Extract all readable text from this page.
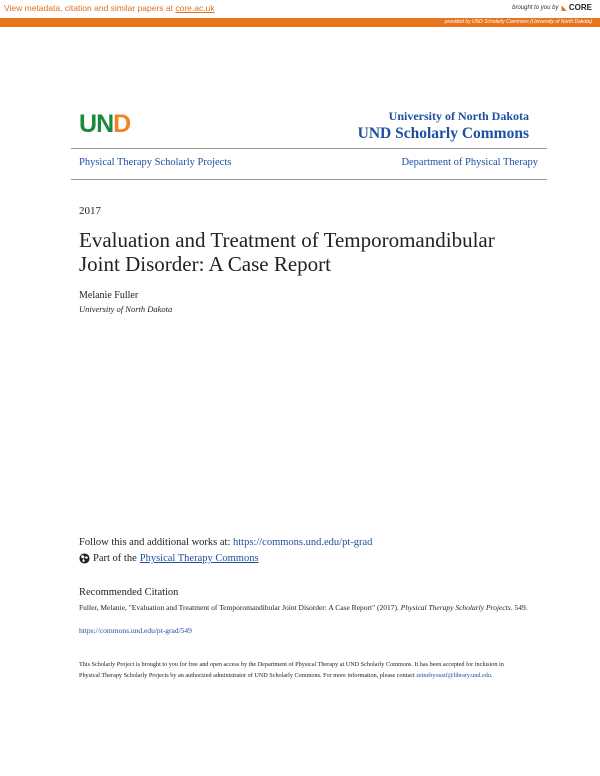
View metadata, citation and similar papers at core.ac.uk	brought to you by ◣ CORE
provided by UND Scholarly Commons (University of North Dakota)
UND	University of North Dakota
UND Scholarly Commons
Physical Therapy Scholarly Projects	Department of Physical Therapy
2017
Evaluation and Treatment of Temporomandibular Joint Disorder: A Case Report
Melanie Fuller
University of North Dakota
Follow this and additional works at: https://commons.und.edu/pt-grad
Part of the Physical Therapy Commons
Recommended Citation
Fuller, Melanie, "Evaluation and Treatment of Temporomandibular Joint Disorder: A Case Report" (2017). Physical Therapy Scholarly Projects. 549.
https://commons.und.edu/pt-grad/549
This Scholarly Project is brought to you for free and open access by the Department of Physical Therapy at UND Scholarly Commons. It has been accepted for inclusion in Physical Therapy Scholarly Projects by an authorized administrator of UND Scholarly Commons. For more information, please contact zeinebyousif@library.und.edu.
